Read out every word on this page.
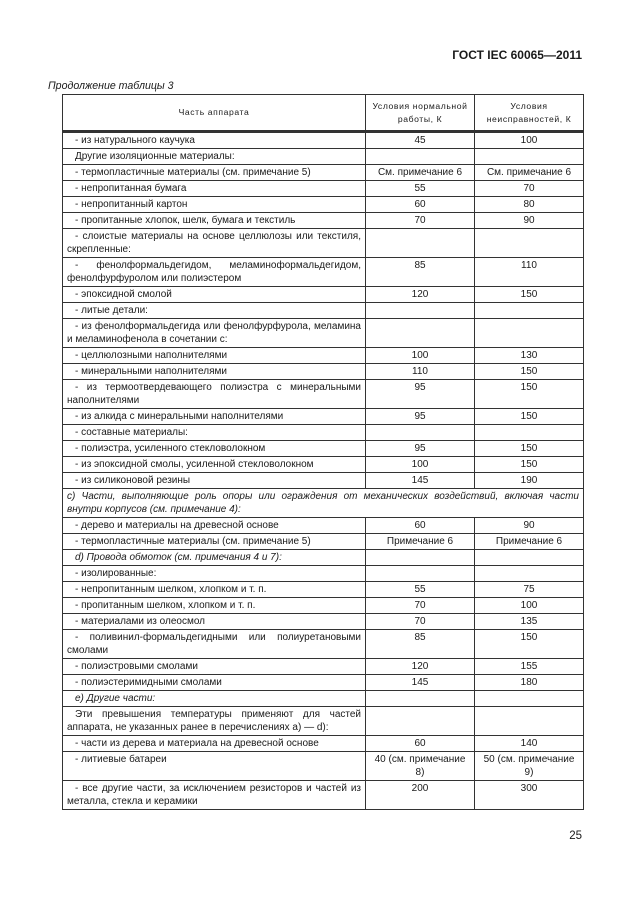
ГОСТ IEC 60065—2011
Продолжение таблицы 3
Часть аппарата	Условия нормальной работы, К	Условия неисправностей, К

- из натурального каучука	45	100
Другие изоляционные материалы:		
- термопластичные материалы (см. примечание 5)	См. примечание 6	См. примечание 6
- непропитанная бумага	55	70
- непропитанный картон	60	80
- пропитанные хлопок, шелк, бумага и текстиль	70	90
- слоистые материалы на основе целлюлозы или текстиля, скрепленные:		
- фенолформальдегидом, меламиноформальдегидом, фенолфурфуролом или полиэстером	85	110
- эпоксидной смолой	120	150
- литые детали:		
- из фенолформальдегида или фенолфурфурола, меламина и меламинофенола в сочетании с:		
- целлюлозными наполнителями	100	130
- минеральными наполнителями	110	150
- из термоотвердевающего полиэстра с минеральными наполнителями	95	150
- из алкида с минеральными наполнителями	95	150
- составные материалы:		
- полиэстра, усиленного стекловолокном	95	150
- из эпоксидной смолы, усиленной стекловолокном	100	150
- из силиконовой резины	145	190
c) Части, выполняющие роль опоры или ограждения от механических воздействий, включая части внутри корпусов (см. примечание 4):		
- дерево и материалы на древесной основе	60	90
- термопластичные материалы (см. примечание 5)	Примечание 6	Примечание 6
d) Провода обмоток (см. примечания 4 и 7):		
- изолированные:		
- непропитанным шелком, хлопком и т. п.	55	75
- пропитанным шелком, хлопком и т. п.	70	100
- материалами из олеосмол	70	135
- поливинил-формальдегидными или полиуретановыми смолами	85	150
- полиэстровыми смолами	120	155
- полиэстеримидными смолами	145	180
e) Другие части:		
Эти превышения температуры применяют для частей аппарата, не указанных ранее в перечислениях а) — d):		
- части из дерева и материала на древесной основе	60	140
- литиевые батареи	40 (см. примечание 8)	50 (см. примечание 9)
- все другие части, за исключением резисторов и частей из металла, стекла и керамики	200	300
25
